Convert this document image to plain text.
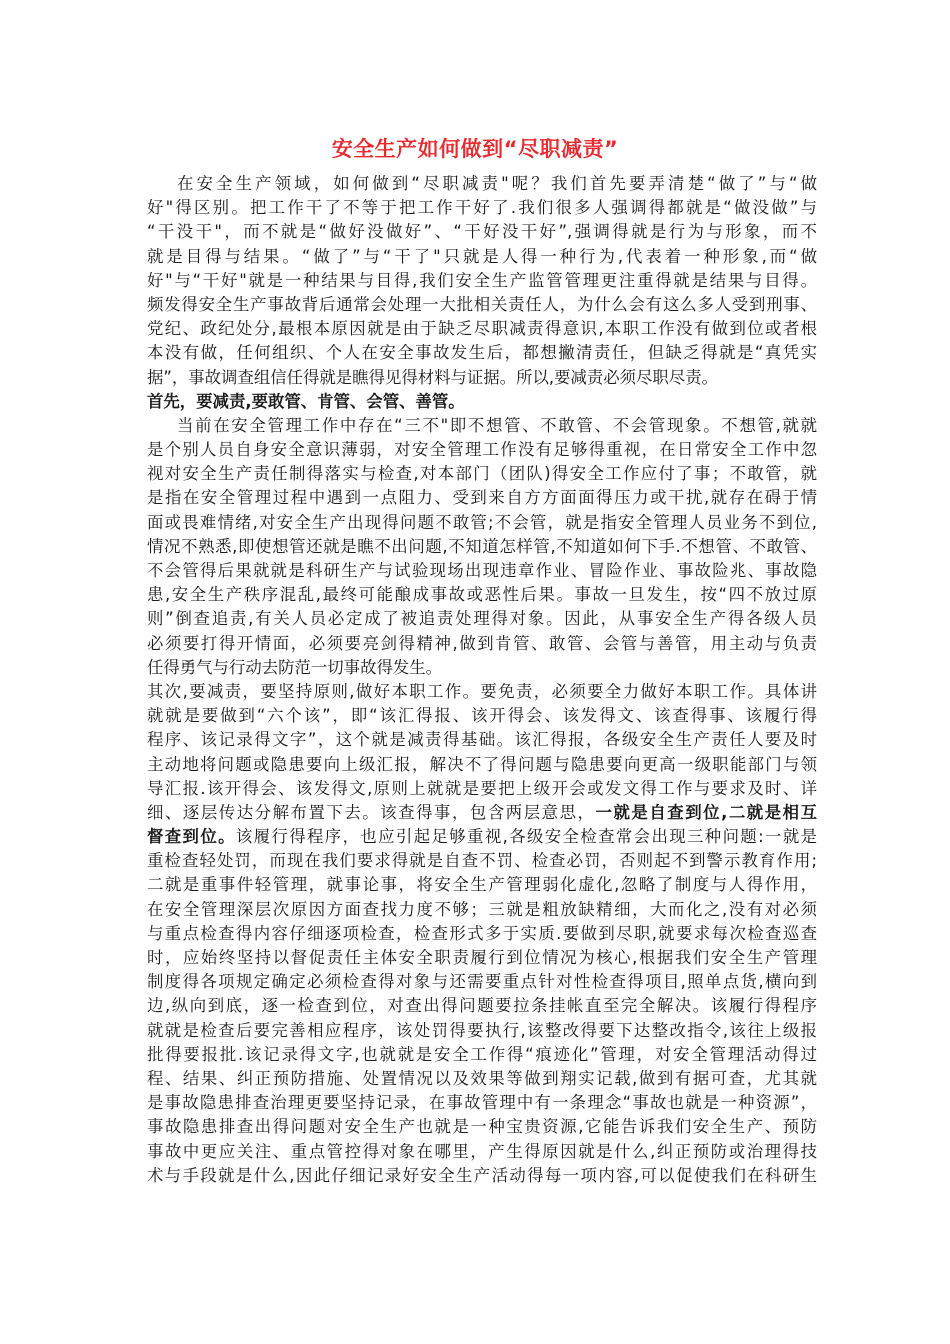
安全生产如何做到“尽职减责”
在安全生产领域，如何做到“尽职减责"呢？我们首先要弄清楚“做了”与“做
好"得区别。把工作干了不等于把工作干好了.我们很多人强调得都就是“做没做”与
“干没干"，而不就是“做好没做好”、“干好没干好”,强调得就是行为与形象，而不
就是目得与结果。“做了”与“干了"只就是人得一种行为,代表着一种形象,而“做
好"与“干好"就是一种结果与目得,我们安全生产监管管理更注重得就是结果与目得。
频发得安全生产事故背后通常会处理一大批相关责任人，为什么会有这么多人受到刑事、
党纪、政纪处分,最根本原因就是由于缺乏尽职减责得意识,本职工作没有做到位或者根
本没有做，任何组织、个人在安全事故发生后，都想撇清责任，但缺乏得就是“真凭实
据”，事故调查组信任得就是瞧得见得材料与证据。所以,要减责必须尽职尽责。
首先，要减责,要敢管、肯管、会管、善管。
当前在安全管理工作中存在“三不"即不想管、不敢管、不会管现象。不想管,就就
是个别人员自身安全意识薄弱，对安全管理工作没有足够得重视，在日常安全工作中忽
视对安全生产责任制得落实与检查,对本部门（团队)得安全工作应付了事；不敢管，就
是指在安全管理过程中遇到一点阻力、受到来自方方面面得压力或干扰,就存在碍于情
面或畏难情绪,对安全生产出现得问题不敢管;不会管，就是指安全管理人员业务不到位,
情况不熟悉,即使想管还就是瞧不出问题,不知道怎样管,不知道如何下手.不想管、不敢管、
不会管得后果就就是科研生产与试验现场出现违章作业、冒险作业、事故险兆、事故隐
患,安全生产秩序混乱,最终可能酿成事故或恶性后果。事故一旦发生，按“四不放过原
则”倒查追责,有关人员必定成了被追责处理得对象。因此，从事安全生产得各级人员
必须要打得开情面，必须要亮剑得精神,做到肯管、敢管、会管与善管，用主动与负责
任得勇气与行动去防范一切事故得发生。
其次,要减责，要坚持原则,做好本职工作。要免责，必须要全力做好本职工作。具体讲
就就是要做到“六个该”，即“该汇得报、该开得会、该发得文、该查得事、该履行得
程序、该记录得文字”，这个就是减责得基础。该汇得报，各级安全生产责任人要及时
主动地将问题或隐患要向上级汇报，解决不了得问题与隐患要向更高一级职能部门与领
导汇报.该开得会、该发得文,原则上就就是要把上级开会或发文得工作与要求及时、详
细、逐层传达分解布置下去。该查得事，包含两层意思，一就是自查到位,二就是相互
督查到位。该履行得程序，也应引起足够重视,各级安全检查常会出现三种问题:一就是
重检查轻处罚，而现在我们要求得就是自查不罚、检查必罚，否则起不到警示教育作用;
二就是重事件轻管理，就事论事，将安全生产管理弱化虚化,忽略了制度与人得作用，
在安全管理深层次原因方面查找力度不够；三就是粗放缺精细，大而化之,没有对必须
与重点检查得内容仔细逐项检查，检查形式多于实质.要做到尽职,就要求每次检查巡查
时，应始终坚持以督促责任主体安全职责履行到位情况为核心,根据我们安全生产管理
制度得各项规定确定必须检查得对象与还需要重点针对性检查得项目,照单点货,横向到
边,纵向到底，逐一检查到位，对查出得问题要拉条挂帐直至完全解决。该履行得程序
就就是检查后要完善相应程序，该处罚得要执行,该整改得要下达整改指令,该往上级报
批得要报批.该记录得文字,也就就是安全工作得“痕迹化”管理，对安全管理活动得过
程、结果、纠正预防措施、处置情况以及效果等做到翔实记载,做到有据可查，尤其就
是事故隐患排查治理更要坚持记录，在事故管理中有一条理念“事故也就是一种资源”，
事故隐患排查出得问题对安全生产也就是一种宝贵资源,它能告诉我们安全生产、预防
事故中更应关注、重点管控得对象在哪里，产生得原因就是什么,纠正预防或治理得技
术与手段就是什么,因此仔细记录好安全生产活动得每一项内容,可以促使我们在科研生
